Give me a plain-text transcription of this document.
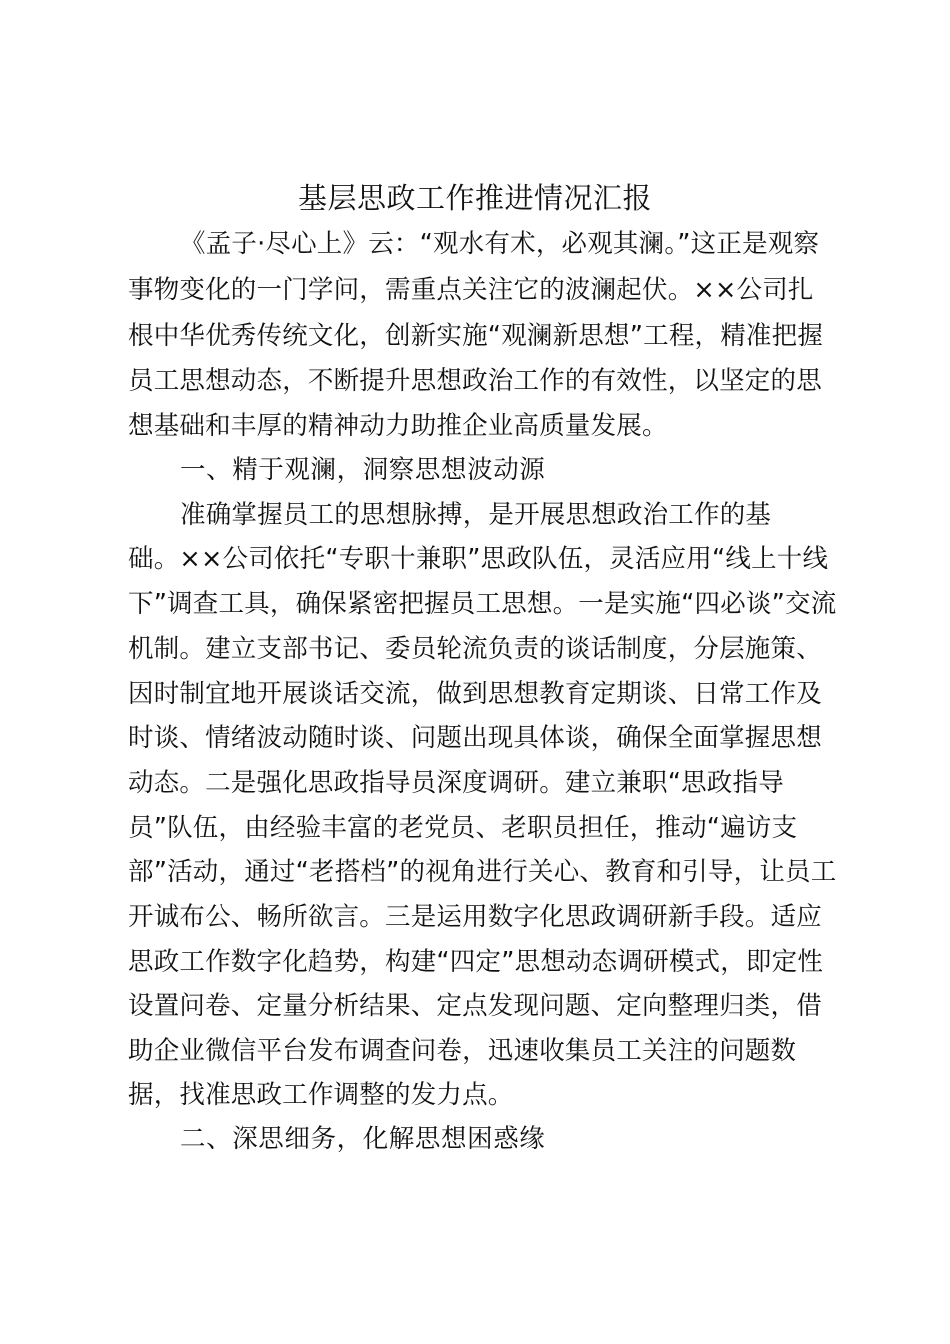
基层思政工作推进情况汇报
《孟子·尽心上》云：“观水有术，必观其澜。”这正是观察
事物变化的一门学问，需重点关注它的波澜起伏。××公司扎
根中华优秀传统文化，创新实施“观澜新思想”工程，精准把握
员工思想动态，不断提升思想政治工作的有效性，以坚定的思
想基础和丰厚的精神动力助推企业高质量发展。
一、精于观澜，洞察思想波动源
准确掌握员工的思想脉搏，是开展思想政治工作的基
础。××公司依托“专职十兼职”思政队伍，灵活应用“线上十线
下”调查工具，确保紧密把握员工思想。一是实施“四必谈”交流
机制。建立支部书记、委员轮流负责的谈话制度，分层施策、
因时制宜地开展谈话交流，做到思想教育定期谈、日常工作及
时谈、情绪波动随时谈、问题出现具体谈，确保全面掌握思想
动态。二是强化思政指导员深度调研。建立兼职“思政指导
员”队伍，由经验丰富的老党员、老职员担任，推动“遍访支
部”活动，通过“老搭档”的视角进行关心、教育和引导，让员工
开诚布公、畅所欲言。三是运用数字化思政调研新手段。适应
思政工作数字化趋势，构建“四定”思想动态调研模式，即定性
设置问卷、定量分析结果、定点发现问题、定向整理归类，借
助企业微信平台发布调查问卷，迅速收集员工关注的问题数
据，找准思政工作调整的发力点。
二、深思细务，化解思想困惑缘
